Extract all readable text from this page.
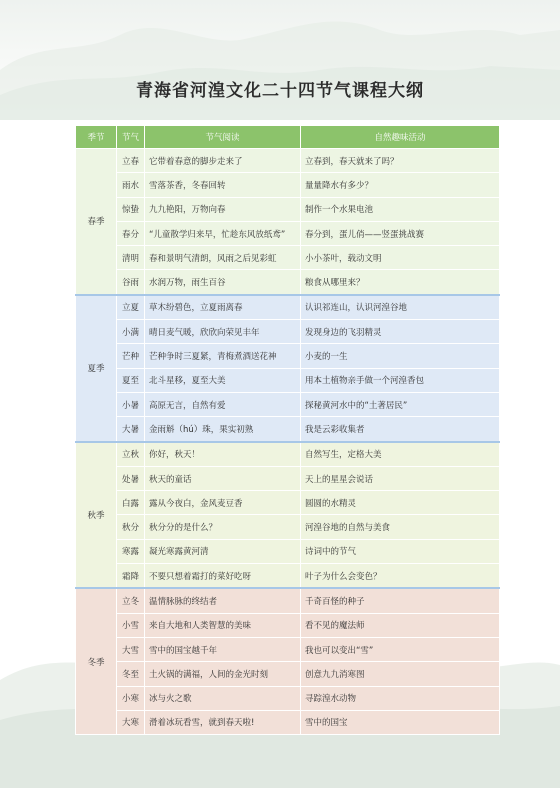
青海省河湟文化二十四节气课程大纲
季节	节气	节气阅读	自然趣味活动
春季	立春	它带着春意的脚步走来了	立春到，春天就来了吗？
	雨水	雪落茶香，冬春回转	量量降水有多少？
	惊蛰	九九艳阳，万物向春	制作一个水果电池
	春分	“儿童散学归来早，忙趁东风放纸鸢”	春分到，蛋儿俏——竖蛋挑战赛
	清明	春和景明气清朗，风雨之后见彩虹	小小茶叶，载动文明
	谷雨	水润万物，雨生百谷	粮食从哪里来？
夏季	立夏	草木纷碧色，立夏雨离春	认识祁连山，认识河湟谷地
	小满	晴日麦气暖，欣欣向荣见丰年	发现身边的飞羽精灵
	芒种	芒种争时三夏紧，青梅煮酒送花神	小麦的一生
	夏至	北斗星移，夏至大美	用本土植物亲手做一个河湟香包
	小暑	高原无言，自然有爱	探秘黄河水中的“土著居民”
	大暑	金雨斛（hú）珠，果实初熟	我是云彩收集者
秋季	立秋	你好，秋天！	自然写生，定格大美
	处暑	秋天的童话	天上的星星会说话
	白露	露从今夜白，金风麦豆香	圆圆的水精灵
	秋分	秋分分的是什么？	河湟谷地的自然与美食
	寒露	凝光寒露黄河清	诗词中的节气
	霜降	不要只想着霜打的菜好吃呀	叶子为什么会变色？
冬季	立冬	温情脉脉的终结者	千奇百怪的种子
	小雪	来自大地和人类智慧的美味	看不见的魔法师
	大雪	雪中的国宝越千年	我也可以变出“雪”
	冬至	土火锅的满福，人间的金光时刻	创意九九消寒图
	小寒	冰与火之歌	寻踪湟水动物
	大寒	滑着冰玩看雪，就到春天啦!	雪中的国宝
